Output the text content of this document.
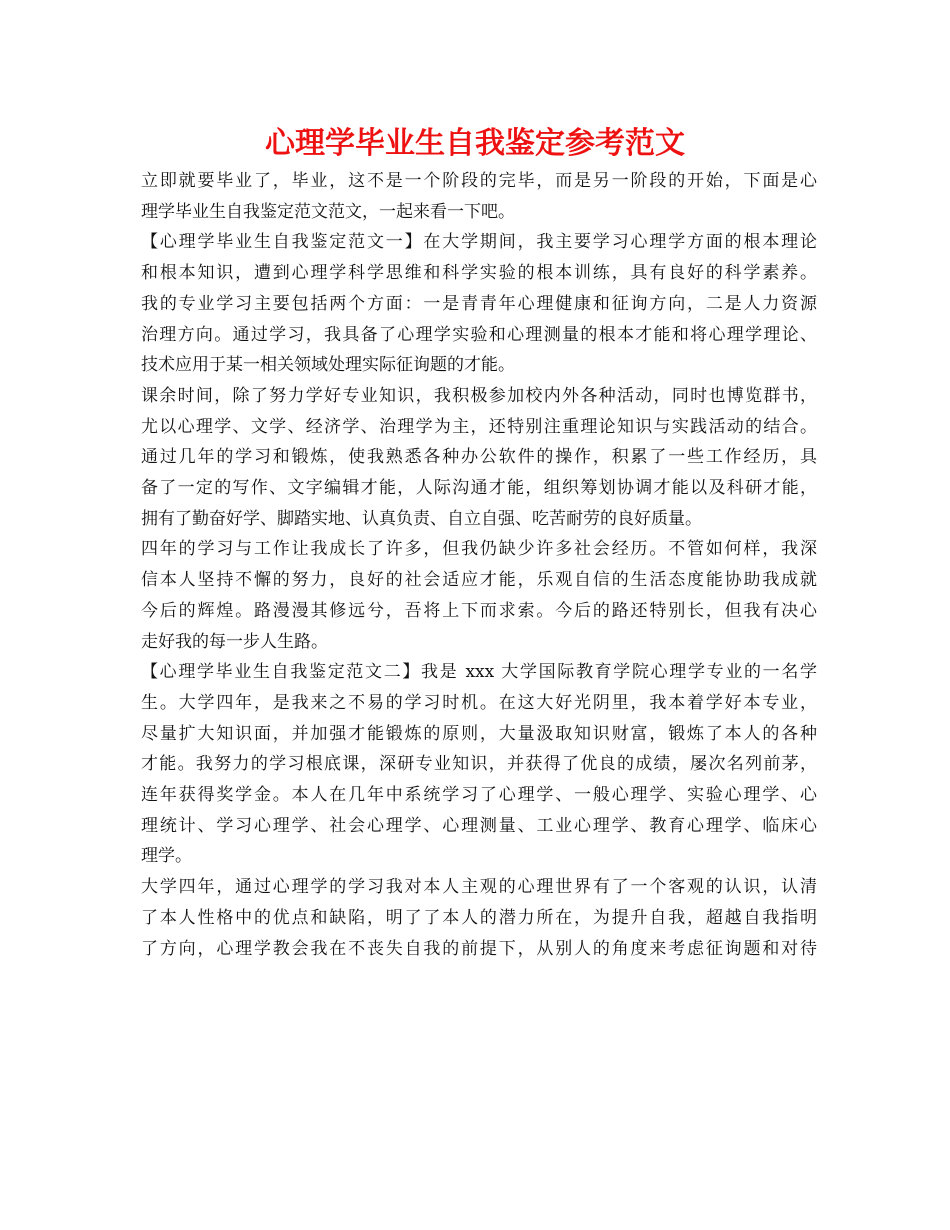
心理学毕业生自我鉴定参考范文

立即就要毕业了，毕业，这不是一个阶段的完毕，而是另一阶段的开始，下面是心
理学毕业生自我鉴定范文范文，一起来看一下吧。

【心理学毕业生自我鉴定范文一】在大学期间，我主要学习心理学方面的根本理论
和根本知识，遭到心理学科学思维和科学实验的根本训练，具有良好的科学素养。
我的专业学习主要包括两个方面：一是青青年心理健康和征询方向，二是人力资源
治理方向。通过学习，我具备了心理学实验和心理测量的根本才能和将心理学理论、
技术应用于某一相关领域处理实际征询题的才能。

课余时间，除了努力学好专业知识，我积极参加校内外各种活动，同时也博览群书，
尤以心理学、文学、经济学、治理学为主，还特别注重理论知识与实践活动的结合。
通过几年的学习和锻炼，使我熟悉各种办公软件的操作，积累了一些工作经历，具
备了一定的写作、文字编辑才能，人际沟通才能，组织筹划协调才能以及科研才能，
拥有了勤奋好学、脚踏实地、认真负责、自立自强、吃苦耐劳的良好质量。

四年的学习与工作让我成长了许多，但我仍缺少许多社会经历。不管如何样，我深
信本人坚持不懈的努力，良好的社会适应才能，乐观自信的生活态度能协助我成就
今后的辉煌。路漫漫其修远兮，吾将上下而求索。今后的路还特别长，但我有决心
走好我的每一步人生路。

【心理学毕业生自我鉴定范文二】我是 xxx 大学国际教育学院心理学专业的一名学
生。大学四年，是我来之不易的学习时机。在这大好光阴里，我本着学好本专业，
尽量扩大知识面，并加强才能锻炼的原则，大量汲取知识财富，锻炼了本人的各种
才能。我努力的学习根底课，深研专业知识，并获得了优良的成绩，屡次名列前茅，
连年获得奖学金。本人在几年中系统学习了心理学、一般心理学、实验心理学、心
理统计、学习心理学、社会心理学、心理测量、工业心理学、教育心理学、临床心
理学。

大学四年，通过心理学的学习我对本人主观的心理世界有了一个客观的认识，认清
了本人性格中的优点和缺陷，明了了本人的潜力所在，为提升自我，超越自我指明
了方向，心理学教会我在不丧失自我的前提下，从别人的角度来考虑征询题和对待
